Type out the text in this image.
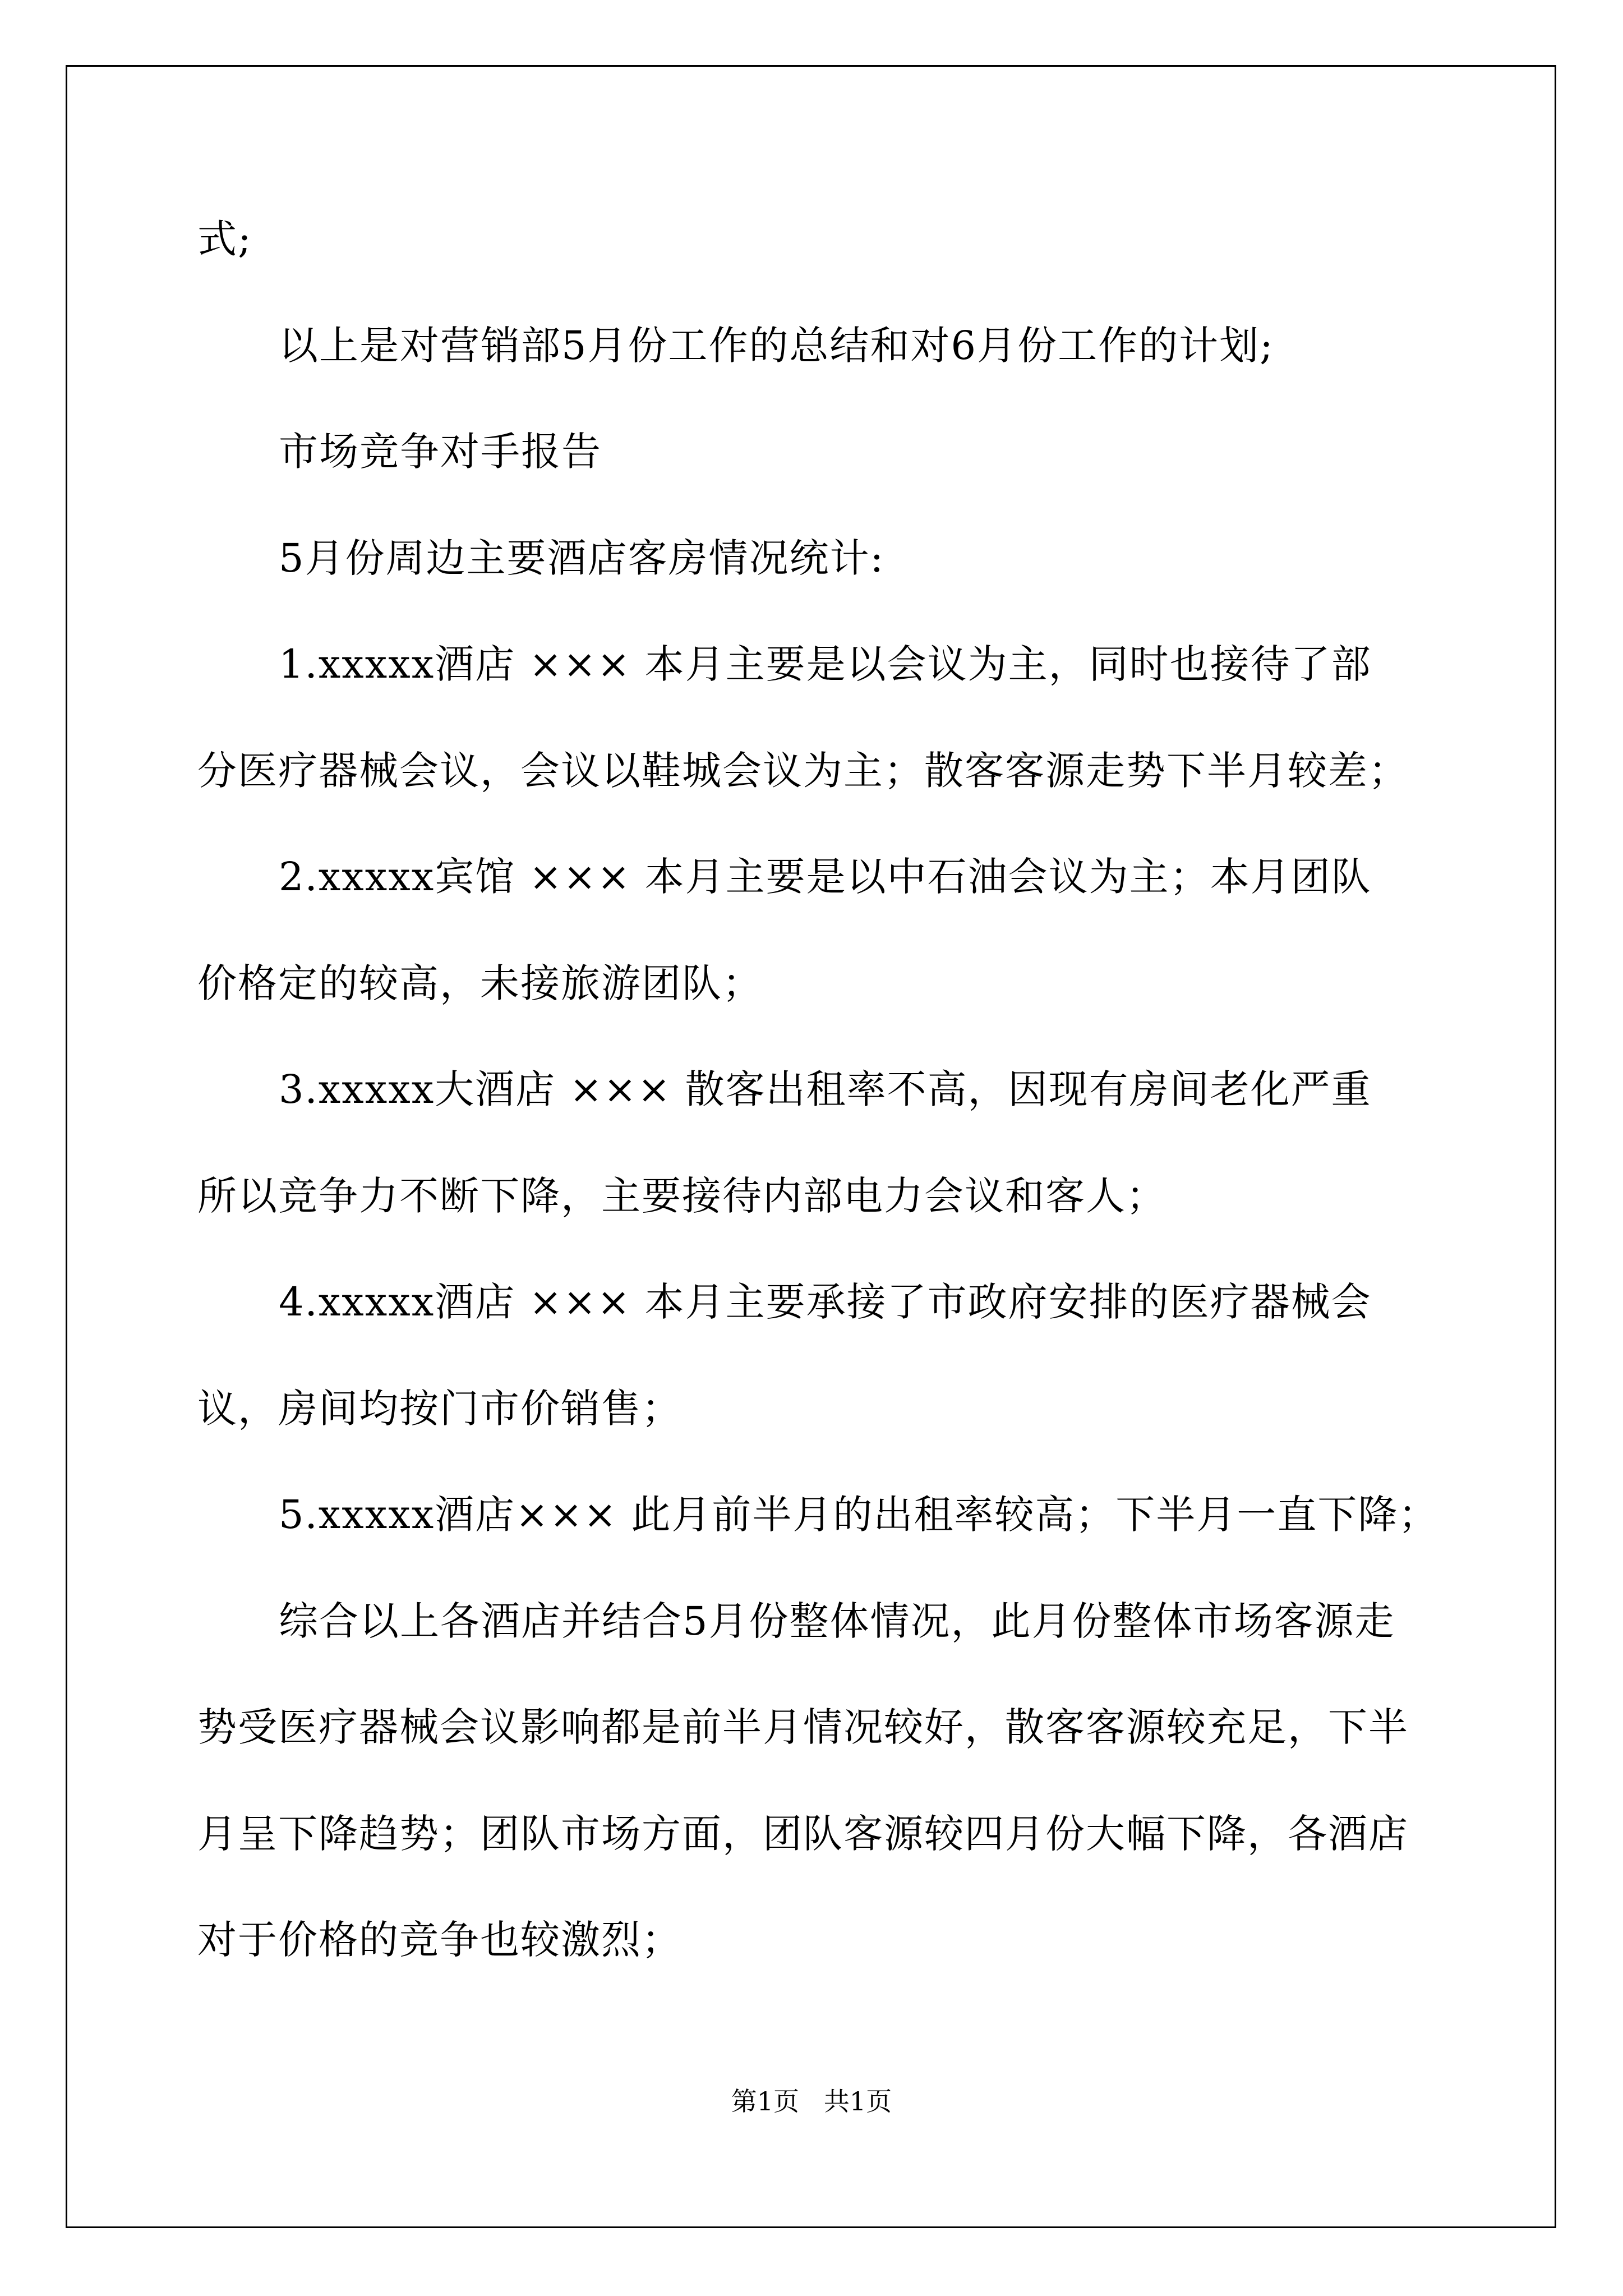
式;
以上是对营销部5月份工作的总结和对6月份工作的计划;
市场竞争对手报告
5月份周边主要酒店客房情况统计:
1.xxxxx酒店 ××× 本月主要是以会议为主，同时也接待了部
分医疗器械会议，会议以鞋城会议为主；散客客源走势下半月较差；
2.xxxxx宾馆 ××× 本月主要是以中石油会议为主；本月团队
价格定的较高，未接旅游团队；
3.xxxxx大酒店 ××× 散客出租率不高，因现有房间老化严重
所以竞争力不断下降，主要接待内部电力会议和客人；
4.xxxxx酒店 ××× 本月主要承接了市政府安排的医疗器械会
议，房间均按门市价销售；
5.xxxxx酒店××× 此月前半月的出租率较高；下半月一直下降；
综合以上各酒店并结合5月份整体情况，此月份整体市场客源走
势受医疗器械会议影响都是前半月情况较好，散客客源较充足，下半
月呈下降趋势；团队市场方面，团队客源较四月份大幅下降，各酒店
对于价格的竞争也较激烈；
第1页   共1页
